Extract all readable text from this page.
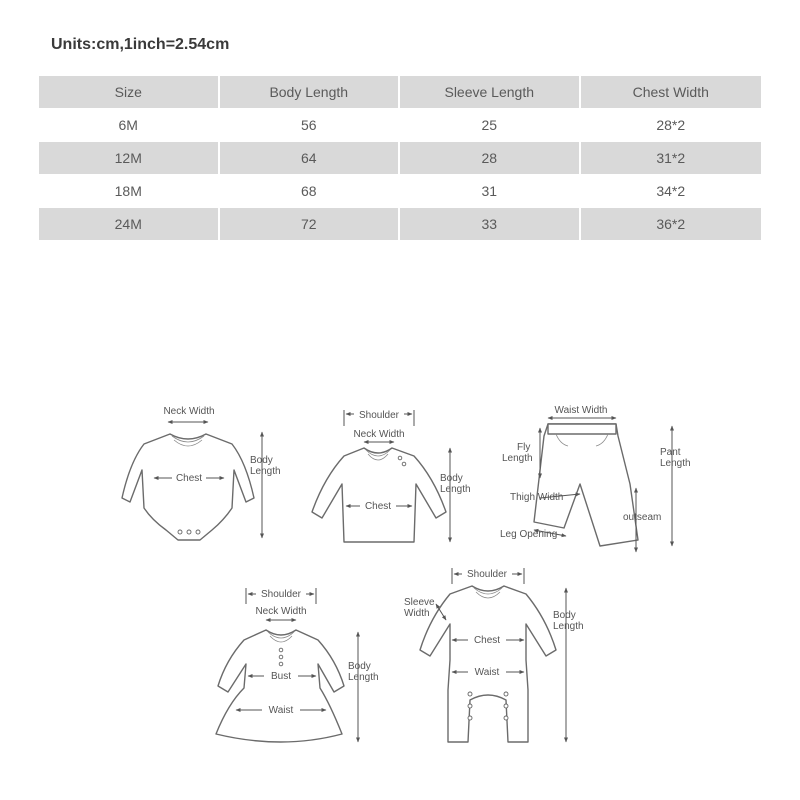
Units:cm,1inch=2.54cm
Size	Body Length	Sleeve Length	Chest Width
6M	56	25	28*2
12M	64	28	31*2
18M	68	31	34*2
24M	72	33	36*2
Neck Width
Chest
Body
Length
Shoulder
Neck Width
Chest
Body
Length
Waist Width
Fly
Length
Pant
Length
Thigh Width
outseam
Leg Opening
Shoulder
Neck Width
Bust
Waist
Body
Length
Shoulder
Sleeve
Width
Chest
Waist
Body
Length
